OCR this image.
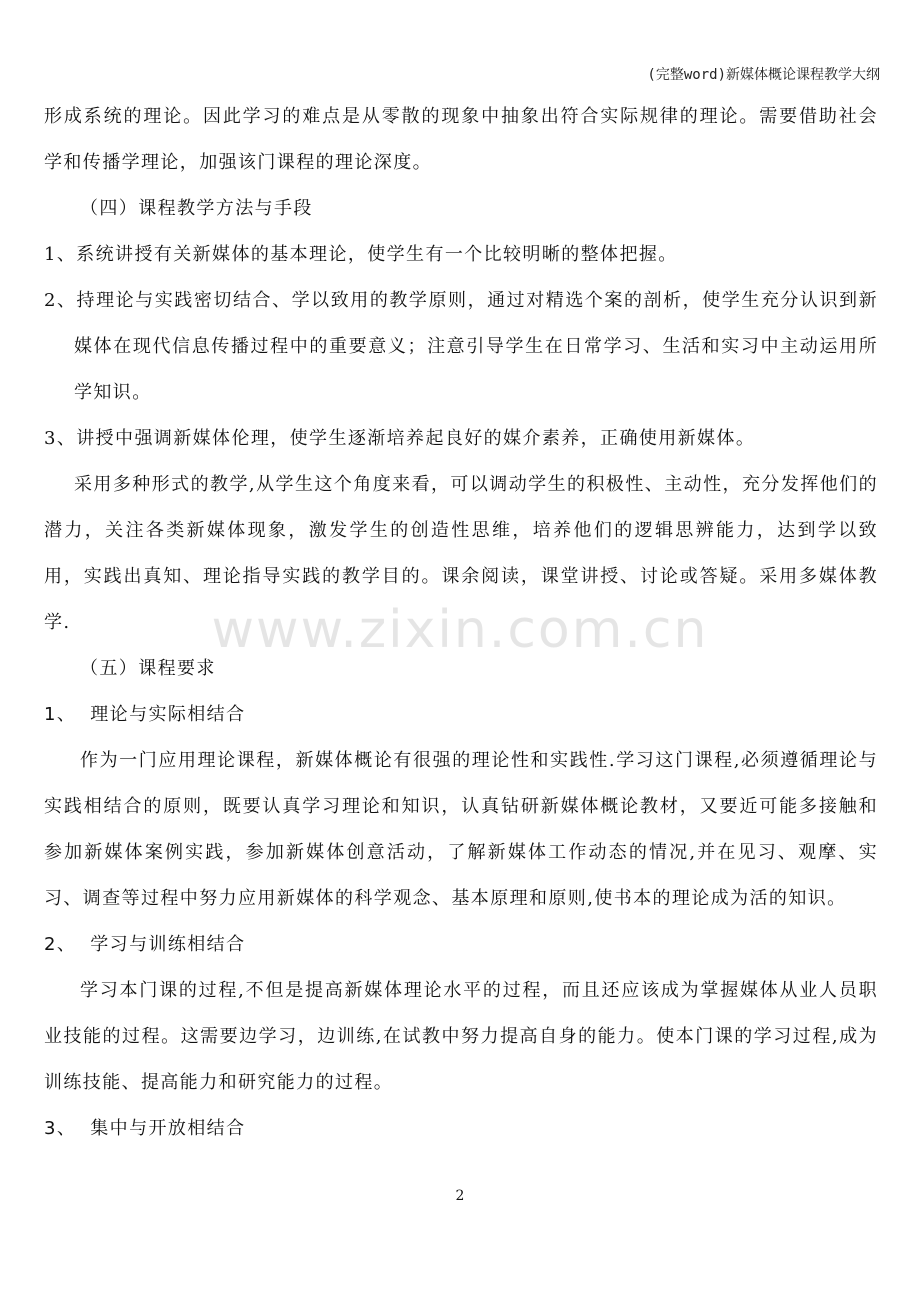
(完整word)新媒体概论课程教学大纲

形成系统的理论。因此学习的难点是从零散的现象中抽象出符合实际规律的理论。需要借助社会学和传播学理论，加强该门课程的理论深度。

（四）课程教学方法与手段

1、系统讲授有关新媒体的基本理论，使学生有一个比较明晰的整体把握。

2、持理论与实践密切结合、学以致用的教学原则，通过对精选个案的剖析，使学生充分认识到新媒体在现代信息传播过程中的重要意义；注意引导学生在日常学习、生活和实习中主动运用所学知识。

3、讲授中强调新媒体伦理，使学生逐渐培养起良好的媒介素养，正确使用新媒体。

采用多种形式的教学,从学生这个角度来看，可以调动学生的积极性、主动性，充分发挥他们的潜力，关注各类新媒体现象，激发学生的创造性思维，培养他们的逻辑思辨能力，达到学以致用，实践出真知、理论指导实践的教学目的。课余阅读，课堂讲授、讨论或答疑。采用多媒体教学.

（五）课程要求

1、 理论与实际相结合

作为一门应用理论课程，新媒体概论有很强的理论性和实践性.学习这门课程,必须遵循理论与实践相结合的原则，既要认真学习理论和知识，认真钻研新媒体概论教材，又要近可能多接触和参加新媒体案例实践，参加新媒体创意活动，了解新媒体工作动态的情况,并在见习、观摩、实习、调查等过程中努力应用新媒体的科学观念、基本原理和原则,使书本的理论成为活的知识。

2、 学习与训练相结合

学习本门课的过程,不但是提高新媒体理论水平的过程，而且还应该成为掌握媒体从业人员职业技能的过程。这需要边学习，边训练,在试教中努力提高自身的能力。使本门课的学习过程,成为训练技能、提高能力和研究能力的过程。

3、 集中与开放相结合

www.zixin.com.cn
2
